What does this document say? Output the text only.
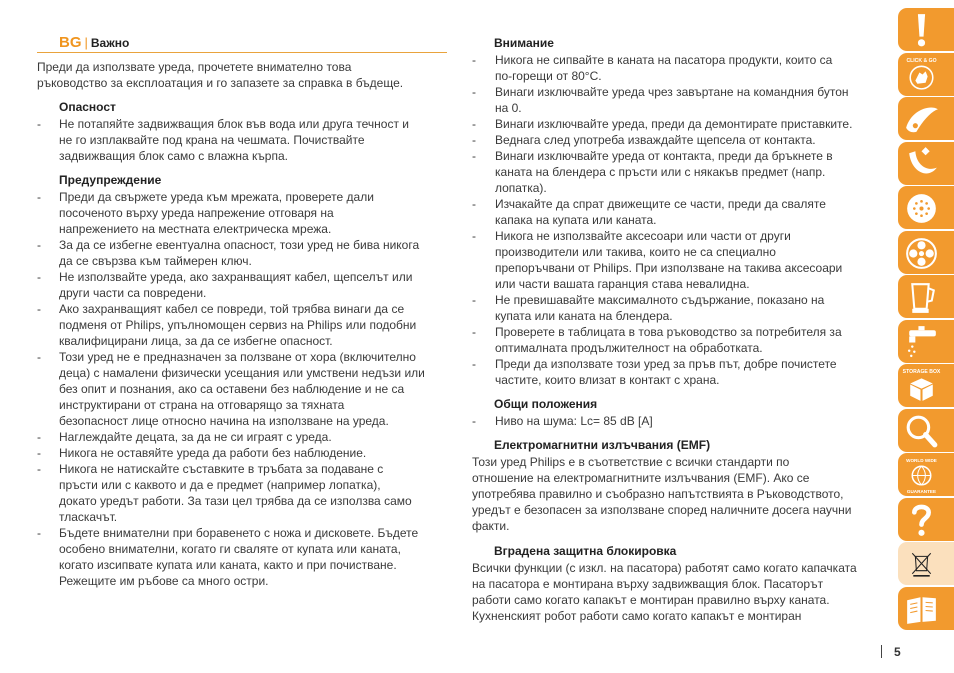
BG | Важно
Преди да използвате уреда, прочетете внимателно това
ръководство за експлоатация и го запазете за справка в бъдеще.
Опасност
- Не потапяйте задвижващия блок във вода или друга течност и
не го изплаквайте под крана на чешмата. Почиствайте
задвижващия блок само с влажна кърпа.
Предупреждение
- Преди да свържете уреда към мрежата, проверете дали
посоченото върху уреда напрежение отговаря на
напрежението на местната електрическа мрежа.
- За да се избегне евентуална опасност, този уред не бива никога
да се свързва към таймерен ключ.
- Не използвайте уреда, ако захранващият кабел, щепселът или
други части са повредени.
- Ако захранващият кабел се повреди, той трябва винаги да се
подменя от Philips, упълномощен сервиз на Philips или подобни
квалифицирани лица, за да се избегне опасност.
- Този уред не е предназначен за ползване от хора (включително
деца) с намалени физически усещания или умствени недъзи или
без опит и познания, ако са оставени без наблюдение и не са
инструктирани от страна на отговарящо за тяхната
безопасност лице относно начина на използване на уреда.
- Наглеждайте децата, за да не си играят с уреда.
- Никога не оставяйте уреда да работи без наблюдение.
- Никога не натискайте съставките в тръбата за подаване с
пръсти или с каквото и да е предмет (например лопатка),
докато уредът работи. За тази цел трябва да се използва само
тласкачът.
- Бъдете внимателни при боравенето с ножа и дисковете. Бъдете
особено внимателни, когато ги сваляте от купата или каната,
когато изсипвате купата или каната, както и при почистване.
Режещите им ръбове са много остри.
Внимание
- Никога не сипвайте в каната на пасатора продукти, които са
по-горещи от 80°C.
- Винаги изключвайте уреда чрез завъртане на командния бутон
на 0.
- Винаги изключвайте уреда, преди да демонтирате приставките.
- Веднага след употреба изваждайте щепсела от контакта.
- Винаги изключвайте уреда от контакта, преди да бръкнете в
каната на блендера с пръсти или с някакъв предмет (напр.
лопатка).
- Изчакайте да спрат движещите се части, преди да сваляте
капака на купата или каната.
- Никога не използвайте аксесоари или части от други
производители или такива, които не са специално
препоръчвани от Philips. При използване на такива аксесоари
или части вашата гаранция става невалидна.
- Не превишавайте максималното съдържание, показано на
купата или каната на блендера.
- Проверете в таблицата в това ръководство за потребителя за
оптималната продължителност на обработката.
- Преди да използвате този уред за пръв път, добре почистете
частите, които влизат в контакт с храна.
Общи положения
- Ниво на шума: Lc= 85 dB [A]
Електромагнитни излъчвания (EMF)
Този уред Philips е в съответствие с всички стандарти по
отношение на електромагнитните излъчвания (EMF). Ако се
употребява правилно и съобразно напътствията в Ръководството,
уредът е безопасен за използване според наличните досега научни
факти.
Вградена защитна блокировка
Всички функции (с изкл. на пасатора) работят само когато капачката
на пасатора е монтирана върху задвижващия блок. Пасаторът
работи само когато капакът е монтиран правилно върху каната.
Кухненският робот работи само когато капакът е монтиран
CLICK & GO
STORAGE BOX
WORLD WIDE
GUARANTEE
5
